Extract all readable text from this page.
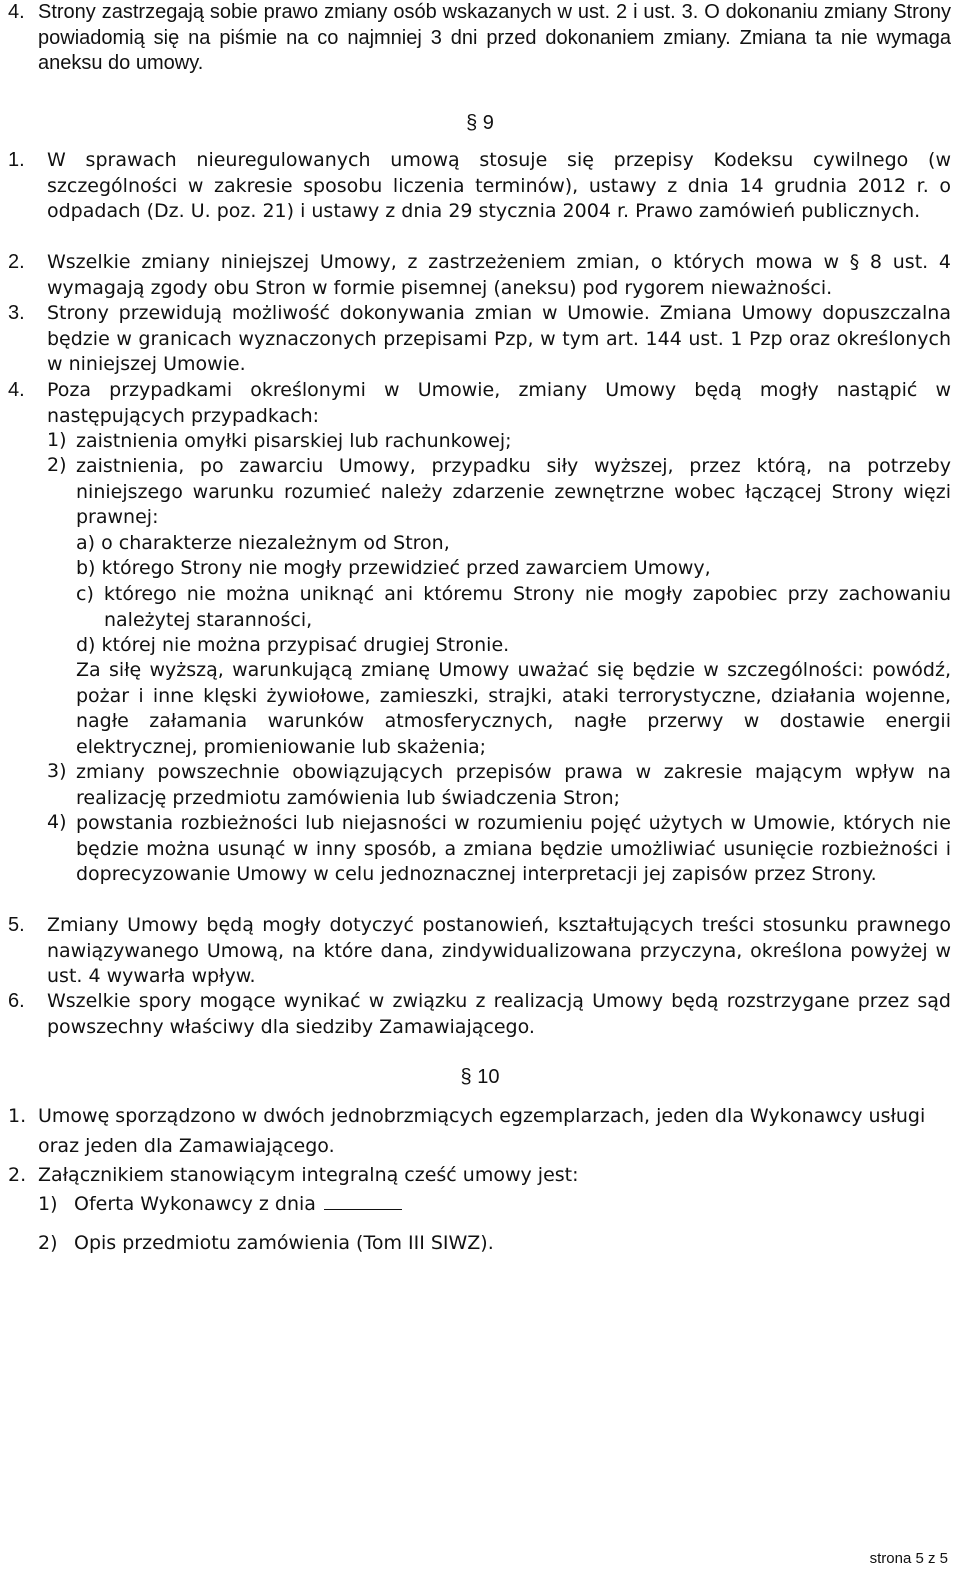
4. Strony zastrzegają sobie prawo zmiany osób wskazanych w ust. 2 i ust. 3. O dokonaniu zmiany Strony powiadomią się na piśmie na co najmniej 3 dni przed dokonaniem zmiany. Zmiana ta nie wymaga aneksu do umowy.
§ 9
1. W sprawach nieuregulowanych umową stosuje się przepisy Kodeksu cywilnego (w szczególności w zakresie sposobu liczenia terminów), ustawy z dnia 14 grudnia 2012 r. o odpadach (Dz. U. poz. 21) i ustawy z dnia 29 stycznia 2004 r. Prawo zamówień publicznych.
2. Wszelkie zmiany niniejszej Umowy, z zastrzeżeniem zmian, o których mowa w § 8 ust. 4 wymagają zgody obu Stron w formie pisemnej (aneksu) pod rygorem nieważności.
3. Strony przewidują możliwość dokonywania zmian w Umowie. Zmiana Umowy dopuszczalna będzie w granicach wyznaczonych przepisami Pzp, w tym art. 144 ust. 1 Pzp oraz określonych w niniejszej Umowie.
4. Poza przypadkami określonymi w Umowie, zmiany Umowy będą mogły nastąpić w następujących przypadkach:
1) zaistnienia omyłki pisarskiej lub rachunkowej;
2) zaistnienia, po zawarciu Umowy, przypadku siły wyższej, przez którą, na potrzeby niniejszego warunku rozumieć należy zdarzenie zewnętrzne wobec łączącej Strony więzi prawnej:
a) o charakterze niezależnym od Stron,
b) którego Strony nie mogły przewidzieć przed zawarciem Umowy,
c) którego nie można uniknąć ani któremu Strony nie mogły zapobiec przy zachowaniu należytej staranności,
d) której nie można przypisać drugiej Stronie.
Za siłę wyższą, warunkującą zmianę Umowy uważać się będzie w szczególności: powódź, pożar i inne klęski żywiołowe, zamieszki, strajki, ataki terrorystyczne, działania wojenne, nagłe załamania warunków atmosferycznych, nagłe przerwy w dostawie energii elektrycznej, promieniowanie lub skażenia;
3) zmiany powszechnie obowiązujących przepisów prawa w zakresie mającym wpływ na realizację przedmiotu zamówienia lub świadczenia Stron;
4) powstania rozbieżności lub niejasności w rozumieniu pojęć użytych w Umowie, których nie będzie można usunąć w inny sposób, a zmiana będzie umożliwiać usunięcie rozbieżności i doprecyzowanie Umowy w celu jednoznacznej interpretacji jej zapisów przez Strony.
5. Zmiany Umowy będą mogły dotyczyć postanowień, kształtujących treści stosunku prawnego nawiązywanego Umową, na które dana, zindywidualizowana przyczyna, określona powyżej w ust. 4 wywarła wpływ.
6. Wszelkie spory mogące wynikać w związku z realizacją Umowy będą rozstrzygane przez sąd powszechny właściwy dla siedziby Zamawiającego.
§ 10
1. Umowę sporządzono w dwóch jednobrzmiących egzemplarzach, jeden dla Wykonawcy usługi oraz jeden dla Zamawiającego.
2. Załącznikiem stanowiącym integralną cześć umowy jest:
1) Oferta Wykonawcy z dnia
2) Opis przedmiotu zamówienia (Tom III SIWZ).
strona 5 z 5
